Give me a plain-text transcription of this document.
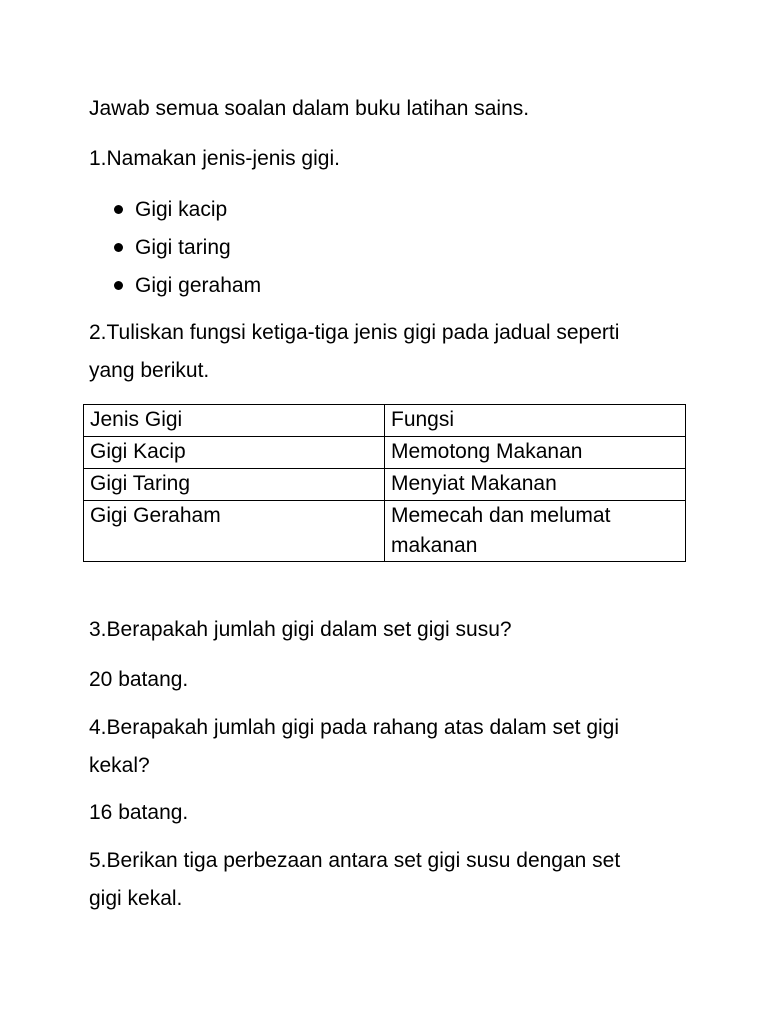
Jawab semua soalan dalam buku latihan sains.
1.Namakan jenis-jenis gigi.
Gigi kacip
Gigi taring
Gigi geraham
2.Tuliskan fungsi ketiga-tiga jenis gigi pada jadual seperti
yang berikut.
Jenis Gigi	Fungsi
Gigi Kacip	Memotong Makanan
Gigi Taring	Menyiat Makanan
Gigi Geraham	Memecah dan melumat
makanan
3.Berapakah jumlah gigi dalam set gigi susu?
20 batang.
4.Berapakah jumlah gigi pada rahang atas dalam set gigi
kekal?
16 batang.
5.Berikan tiga perbezaan antara set gigi susu dengan set
gigi kekal.
